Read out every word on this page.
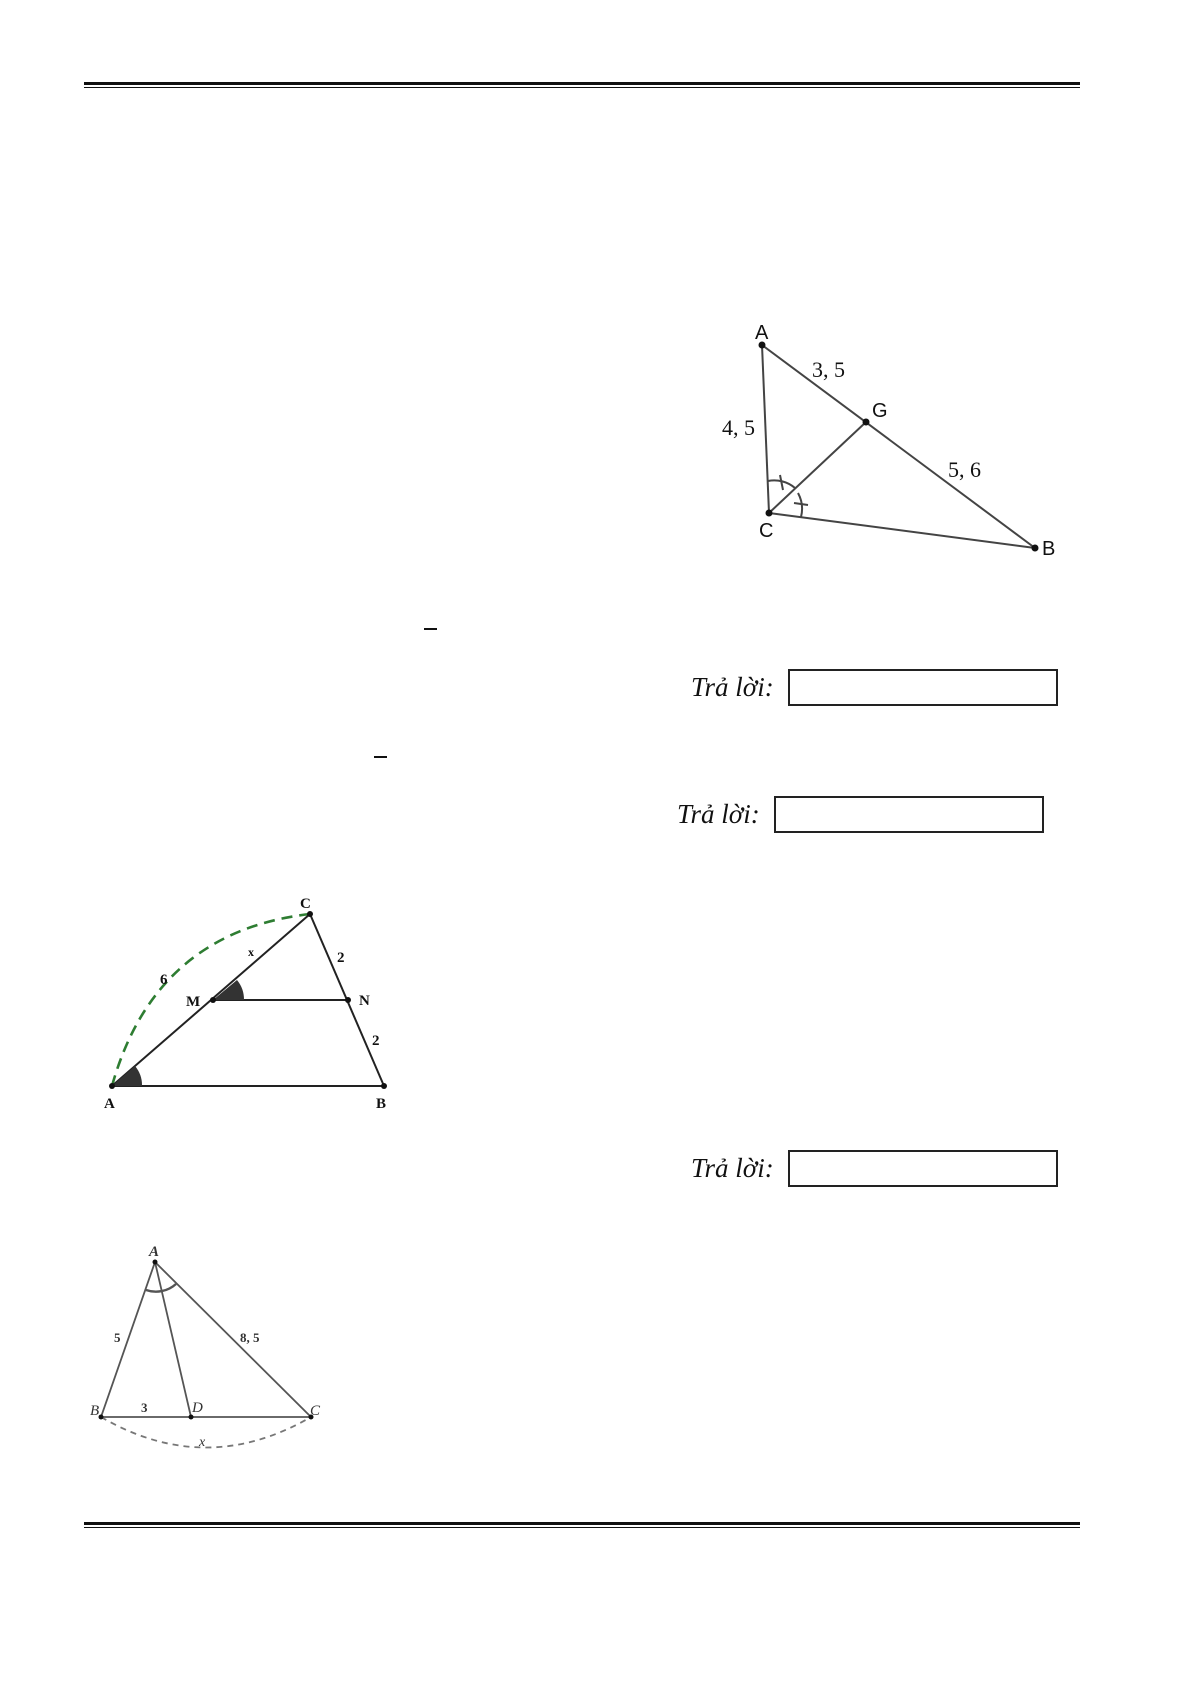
A
G
C
B
3, 5
4, 5
5, 6
Trả lời:
Trả lời:
Trả lời:
C
M	N
A	B
6
x	2
2
A
B	D	C
5	8, 5
3
x
